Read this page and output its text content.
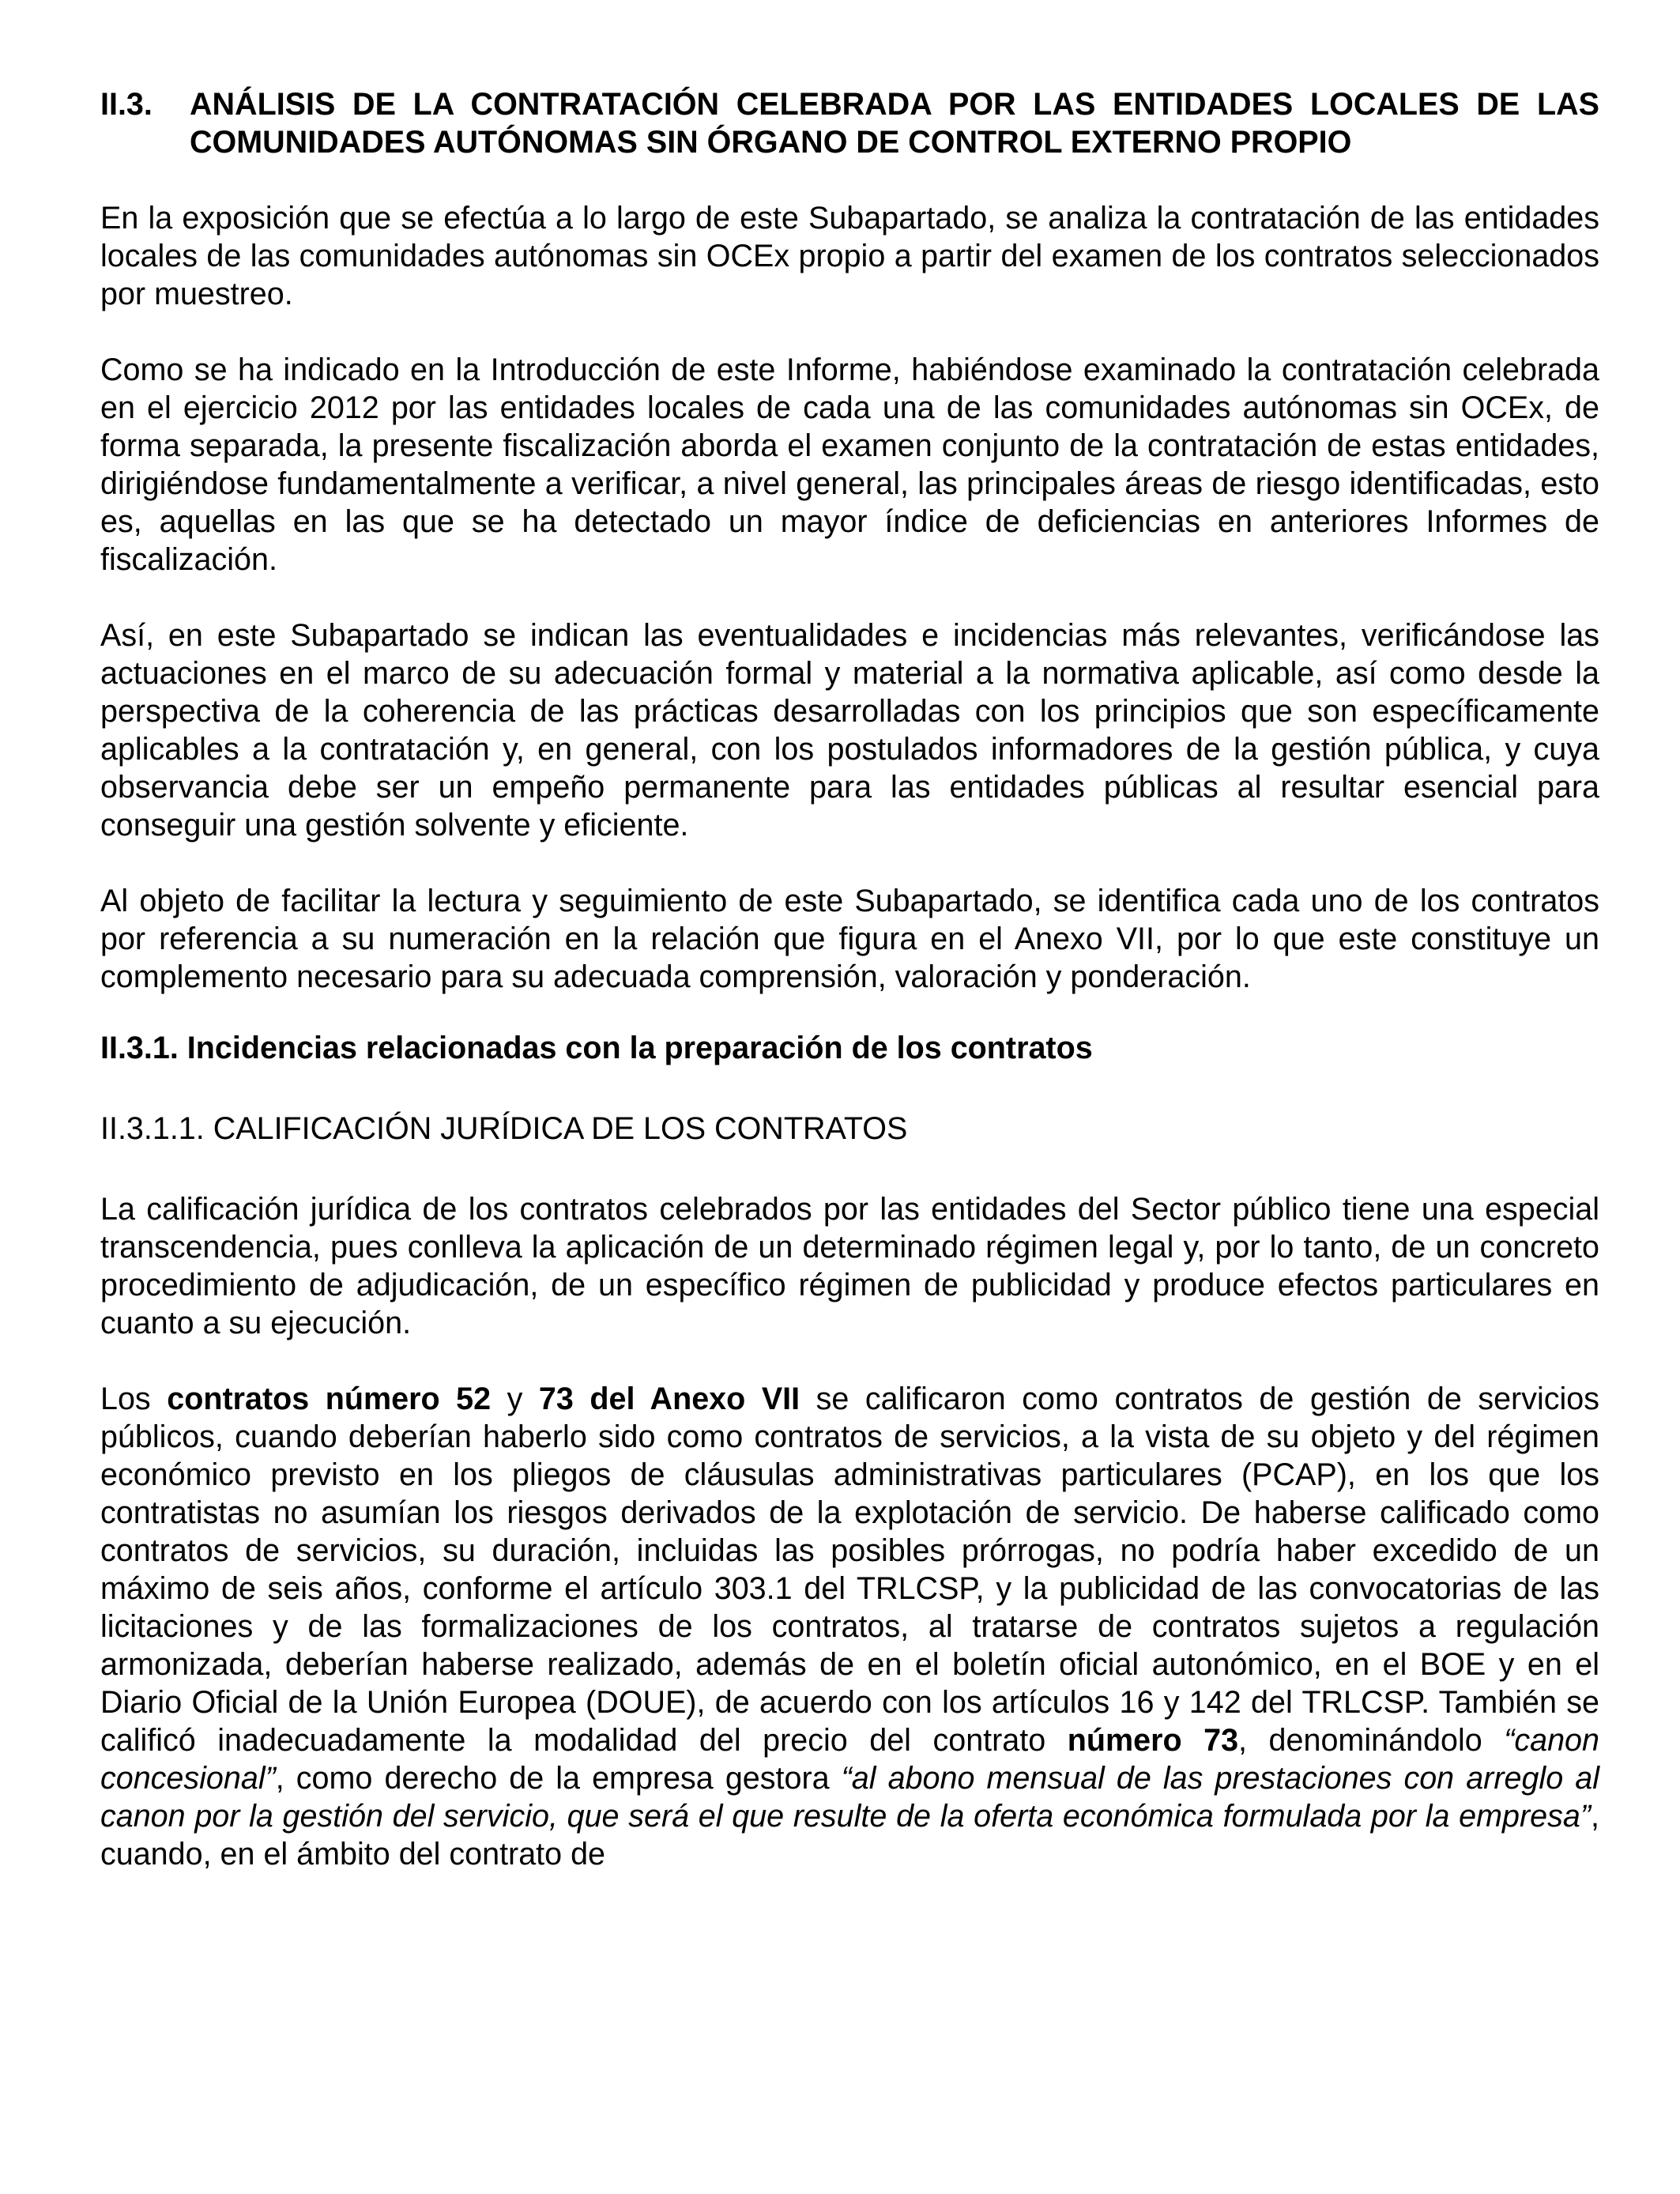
II.3.	ANÁLISIS DE LA CONTRATACIÓN CELEBRADA POR LAS ENTIDADES LOCALES DE LAS COMUNIDADES AUTÓNOMAS SIN ÓRGANO DE CONTROL EXTERNO PROPIO

En la exposición que se efectúa a lo largo de este Subapartado, se analiza la contratación de las entidades locales de las comunidades autónomas sin OCEx propio a partir del examen de los contratos seleccionados por muestreo.

Como se ha indicado en la Introducción de este Informe, habiéndose examinado la contratación celebrada en el ejercicio 2012 por las entidades locales de cada una de las comunidades autónomas sin OCEx, de forma separada, la presente fiscalización aborda el examen conjunto de la contratación de estas entidades, dirigiéndose fundamentalmente a verificar, a nivel general, las principales áreas de riesgo identificadas, esto es, aquellas en las que se ha detectado un mayor índice de deficiencias en anteriores Informes de fiscalización.

Así, en este Subapartado se indican las eventualidades e incidencias más relevantes, verificándose las actuaciones en el marco de su adecuación formal y material a la normativa aplicable, así como desde la perspectiva de la coherencia de las prácticas desarrolladas con los principios que son específicamente aplicables a la contratación y, en general, con los postulados informadores de la gestión pública, y cuya observancia debe ser un empeño permanente para las entidades públicas al resultar esencial para conseguir una gestión solvente y eficiente.

Al objeto de facilitar la lectura y seguimiento de este Subapartado, se identifica cada uno de los contratos por referencia a su numeración en la relación que figura en el Anexo VII, por lo que este constituye un complemento necesario para su adecuada comprensión, valoración y ponderación.

II.3.1. Incidencias relacionadas con la preparación de los contratos
II.3.1.1. CALIFICACIÓN JURÍDICA DE LOS CONTRATOS

La calificación jurídica de los contratos celebrados por las entidades del Sector público tiene una especial transcendencia, pues conlleva la aplicación de un determinado régimen legal y, por lo tanto, de un concreto procedimiento de adjudicación, de un específico régimen de publicidad y produce efectos particulares en cuanto a su ejecución.

Los contratos número 52 y 73 del Anexo VII se calificaron como contratos de gestión de servicios públicos, cuando deberían haberlo sido como contratos de servicios, a la vista de su objeto y del régimen económico previsto en los pliegos de cláusulas administrativas particulares (PCAP), en los que los contratistas no asumían los riesgos derivados de la explotación de servicio. De haberse calificado como contratos de servicios, su duración, incluidas las posibles prórrogas, no podría haber excedido de un máximo de seis años, conforme el artículo 303.1 del TRLCSP, y la publicidad de las convocatorias de las licitaciones y de las formalizaciones de los contratos, al tratarse de contratos sujetos a regulación armonizada, deberían haberse realizado, además de en el boletín oficial autonómico, en el BOE y en el Diario Oficial de la Unión Europea (DOUE), de acuerdo con los artículos 16 y 142 del TRLCSP. También se calificó inadecuadamente la modalidad del precio del contrato número 73, denominándolo “canon concesional”, como derecho de la empresa gestora “al abono mensual de las prestaciones con arreglo al canon por la gestión del servicio, que será el que resulte de la oferta económica formulada por la empresa”, cuando, en el ámbito del contrato de
